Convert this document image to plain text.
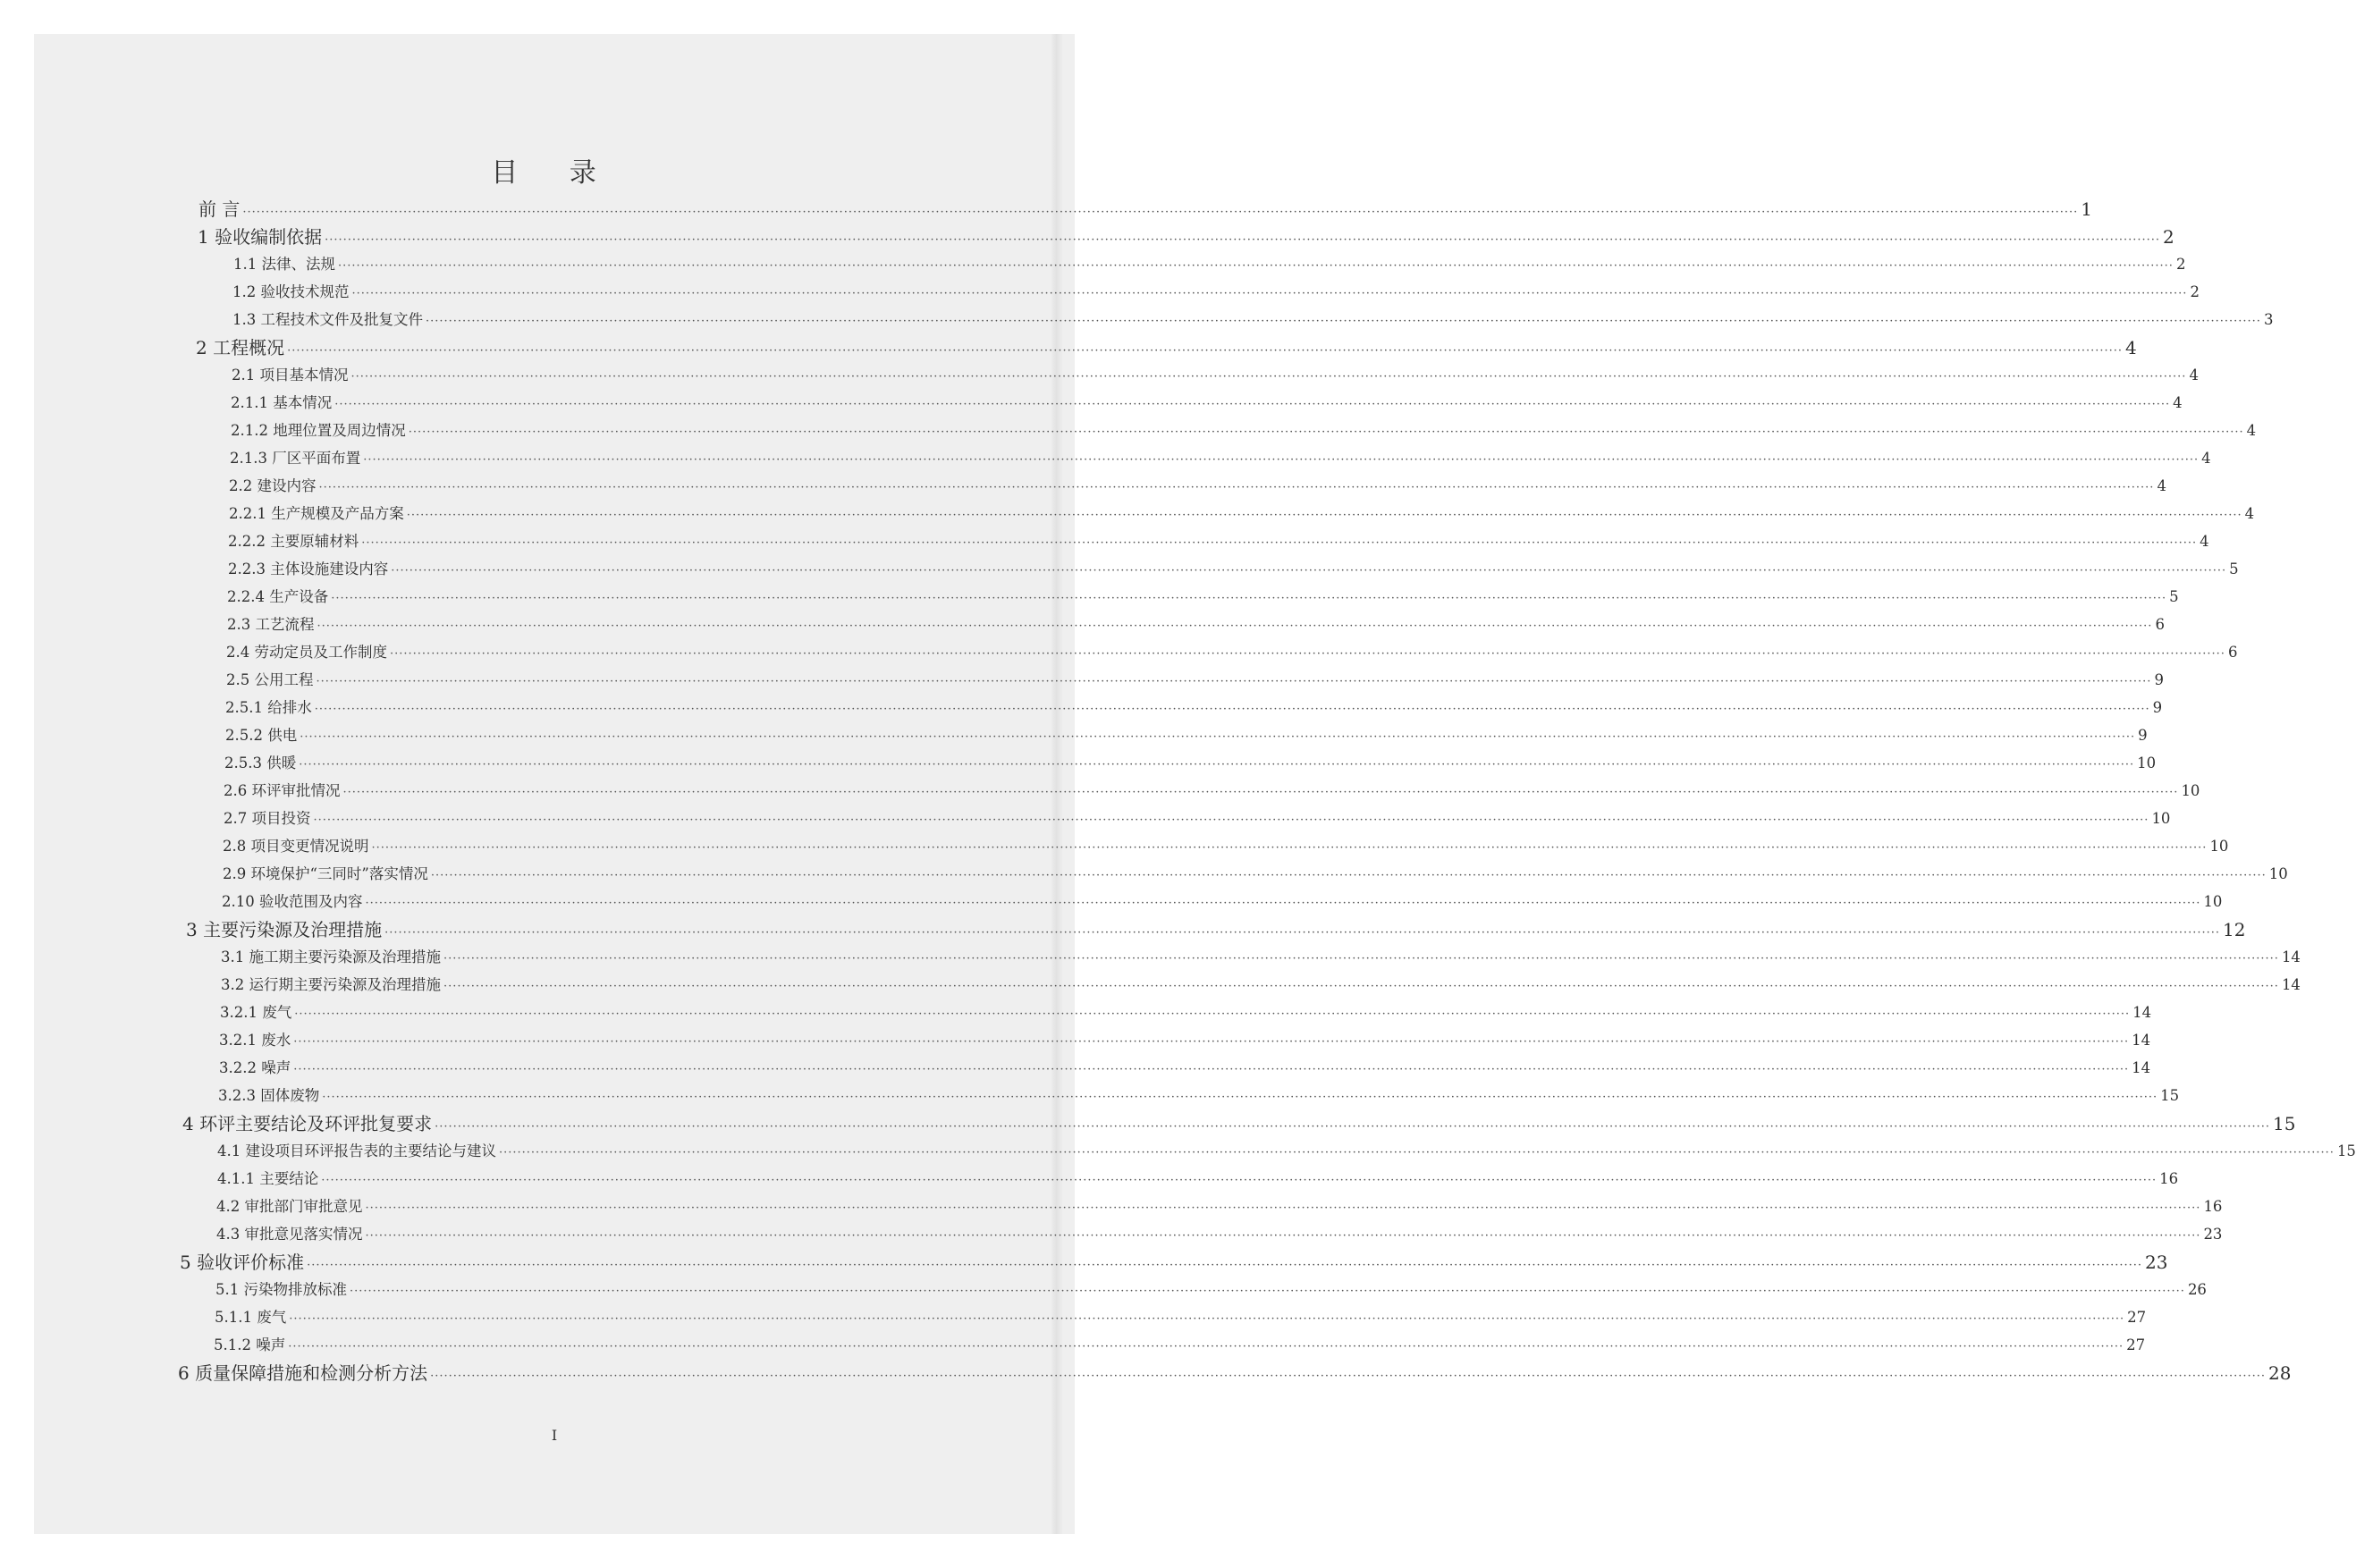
目 录
前 言 ················································································································································································································································································································································································································ 1
1 验收编制依据 ················································································································································································································································································································································································································ 2
1.1 法律、法规 ················································································································································································································································································································································································································ 2
1.2 验收技术规范 ················································································································································································································································································································································································································ 2
1.3 工程技术文件及批复文件 ················································································································································································································································································································································································································ 3
2 工程概况 ················································································································································································································································································································································································································ 4
2.1 项目基本情况 ················································································································································································································································································································································································································ 4
2.1.1 基本情况 ················································································································································································································································································································································································································ 4
2.1.2 地理位置及周边情况 ················································································································································································································································································································································································································ 4
2.1.3 厂区平面布置 ················································································································································································································································································································································································································ 4
2.2 建设内容 ················································································································································································································································································································································································································ 4
2.2.1 生产规模及产品方案 ················································································································································································································································································································································································································ 4
2.2.2 主要原辅材料 ················································································································································································································································································································································································································ 4
2.2.3 主体设施建设内容 ················································································································································································································································································································································································································ 5
2.2.4 生产设备 ················································································································································································································································································································································································································ 5
2.3 工艺流程 ················································································································································································································································································································································································································ 6
2.4 劳动定员及工作制度 ················································································································································································································································································································································································································ 6
2.5 公用工程 ················································································································································································································································································································································································································ 9
2.5.1 给排水 ················································································································································································································································································································································································································ 9
2.5.2 供电 ················································································································································································································································································································································································································ 9
2.5.3 供暖 ················································································································································································································································································································································································································ 10
2.6 环评审批情况 ················································································································································································································································································································································································································ 10
2.7 项目投资 ················································································································································································································································································································································································································ 10
2.8 项目变更情况说明 ················································································································································································································································································································································································································ 10
2.9 环境保护“三同时”落实情况 ················································································································································································································································································································································································································ 10
2.10 验收范围及内容 ················································································································································································································································································································································································································ 10
3 主要污染源及治理措施 ················································································································································································································································································································································································································ 12
3.1 施工期主要污染源及治理措施 ················································································································································································································································································································································································································ 14
3.2 运行期主要污染源及治理措施 ················································································································································································································································································································································································································ 14
3.2.1 废气 ················································································································································································································································································································································································································ 14
3.2.1 废水 ················································································································································································································································································································································································································ 14
3.2.2 噪声 ················································································································································································································································································································································································································ 14
3.2.3 固体废物 ················································································································································································································································································································································································································ 15
4 环评主要结论及环评批复要求 ················································································································································································································································································································································································································ 15
4.1 建设项目环评报告表的主要结论与建议 ················································································································································································································································································································································································································ 15
4.1.1 主要结论 ················································································································································································································································································································································································································ 16
4.2 审批部门审批意见 ················································································································································································································································································································································································································ 16
4.3 审批意见落实情况 ················································································································································································································································································································································································································ 23
5 验收评价标准 ················································································································································································································································································································································································································ 23
5.1 污染物排放标准 ················································································································································································································································································································································································································ 26
5.1.1 废气 ················································································································································································································································································································································································································ 27
5.1.2 噪声 ················································································································································································································································································································································································································ 27
6 质量保障措施和检测分析方法 ················································································································································································································································································································································································································ 28
I
